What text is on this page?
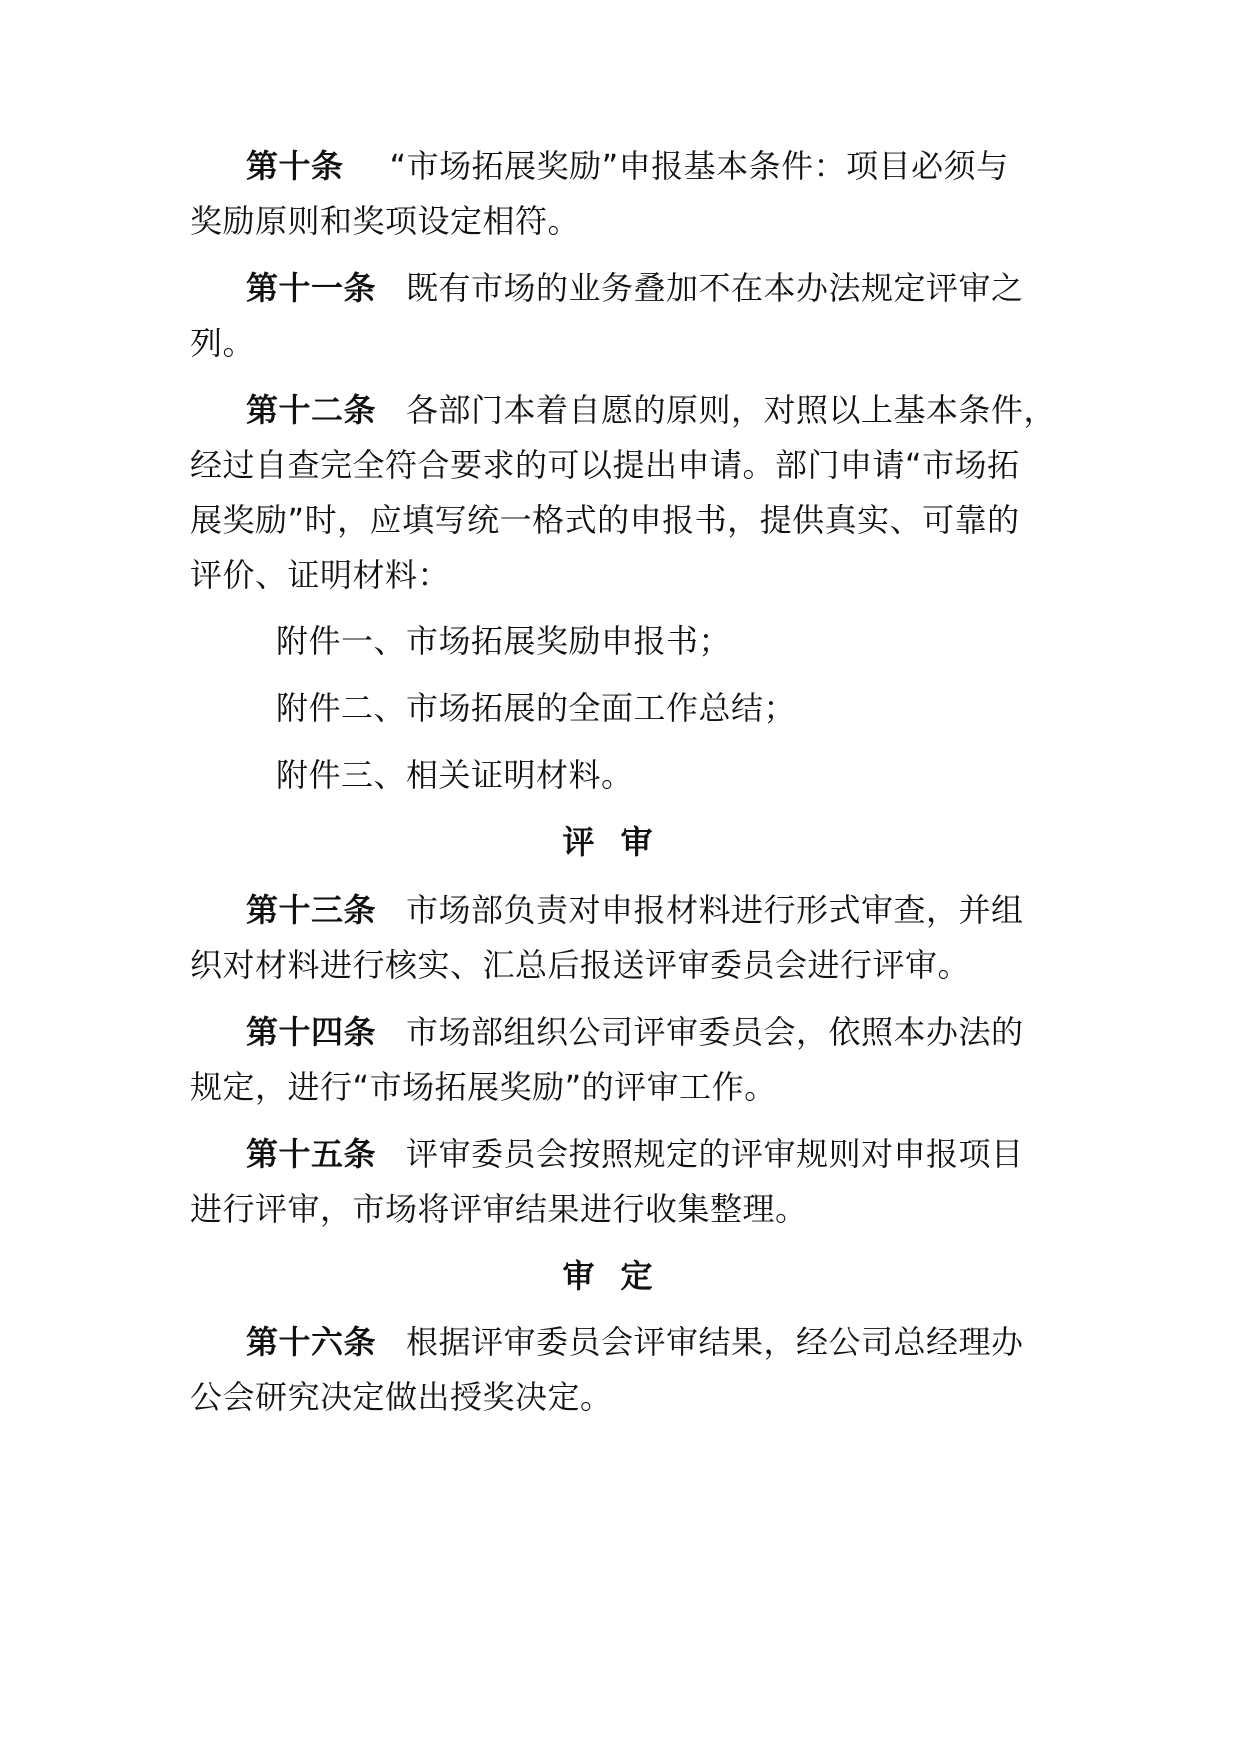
第十条 “市场拓展奖励”申报基本条件：项目必须与
奖励原则和奖项设定相符。
第十一条 既有市场的业务叠加不在本办法规定评审之
列。
第十二条 各部门本着自愿的原则，对照以上基本条件，
经过自查完全符合要求的可以提出申请。部门申请“市场拓
展奖励”时，应填写统一格式的申报书，提供真实、可靠的
评价、证明材料：
附件一、市场拓展奖励申报书；
附件二、市场拓展的全面工作总结；
附件三、相关证明材料。
评审
第十三条 市场部负责对申报材料进行形式审查，并组
织对材料进行核实、汇总后报送评审委员会进行评审。
第十四条 市场部组织公司评审委员会，依照本办法的
规定，进行“市场拓展奖励”的评审工作。
第十五条 评审委员会按照规定的评审规则对申报项目
进行评审，市场将评审结果进行收集整理。
审定
第十六条 根据评审委员会评审结果，经公司总经理办
公会研究决定做出授奖决定。
